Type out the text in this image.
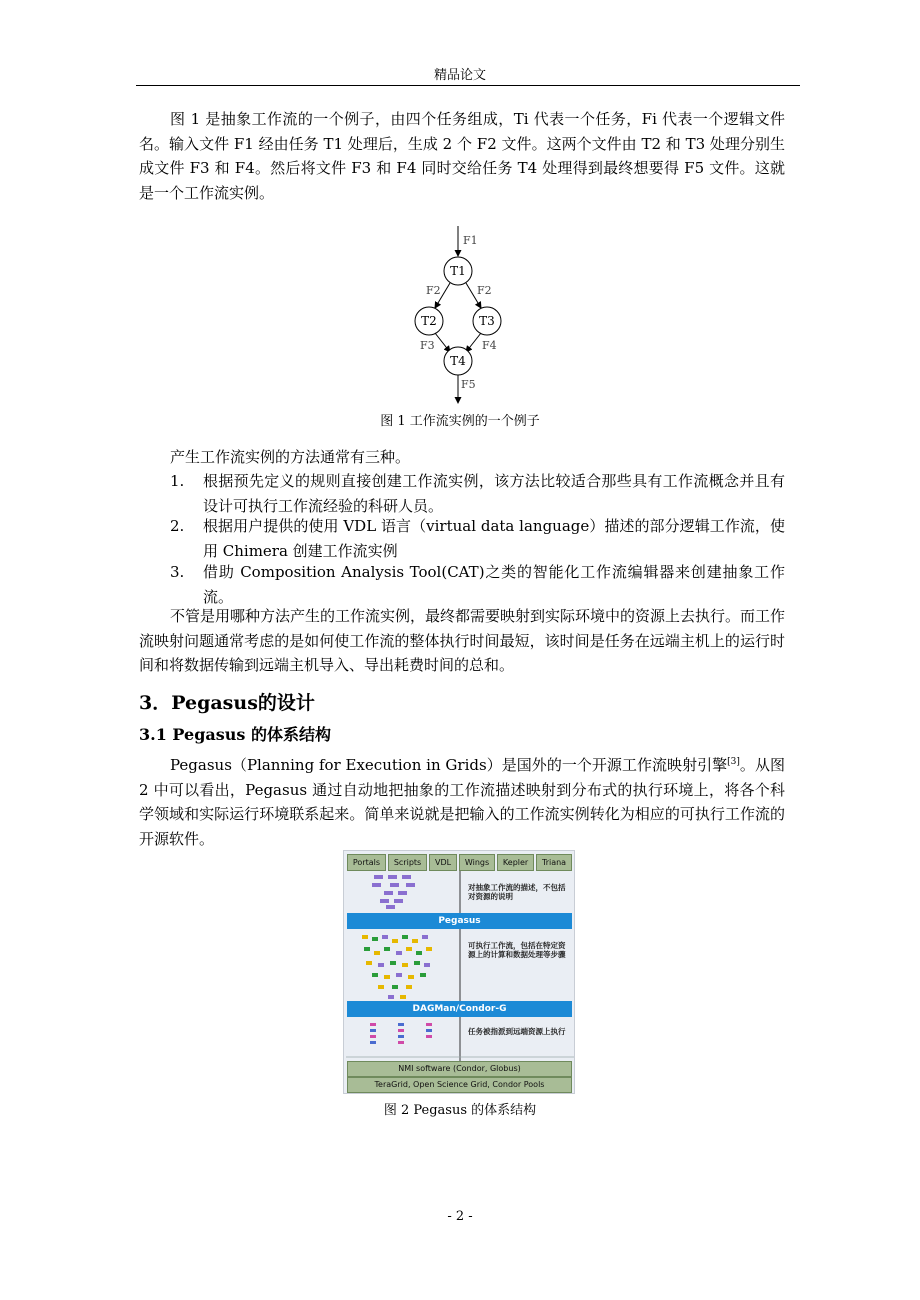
精品论文

图 1 是抽象工作流的一个例子，由四个任务组成，Ti 代表一个任务，Fi 代表一个逻辑文件名。输入文件 F1 经由任务 T1 处理后，生成 2 个 F2 文件。这两个文件由 T2 和 T3 处理分别生成文件 F3 和 F4。然后将文件 F3 和 F4 同时交给任务 T4 处理得到最终想要得 F5 文件。这就是一个工作流实例。

T1
T2	T3
T4
F1
F2	F2
F3	F4
F5
图 1 工作流实例的一个例子

产生工作流实例的方法通常有三种。

1. 根据预先定义的规则直接创建工作流实例，该方法比较适合那些具有工作流概念并且有设计可执行工作流经验的科研人员。
2. 根据用户提供的使用 VDL 语言（virtual data language）描述的部分逻辑工作流，使用 Chimera 创建工作流实例
3. 借助 Composition Analysis Tool(CAT)之类的智能化工作流编辑器来创建抽象工作流。

不管是用哪种方法产生的工作流实例，最终都需要映射到实际环境中的资源上去执行。而工作流映射问题通常考虑的是如何使工作流的整体执行时间最短，该时间是任务在远端主机上的运行时间和将数据传输到远端主机导入、导出耗费时间的总和。

3．Pegasus的设计
3.1 Pegasus 的体系结构

Pegasus（Planning for Execution in Grids）是国外的一个开源工作流映射引擎[3]。从图 2 中可以看出，Pegasus 通过自动地把抽象的工作流描述映射到分布式的执行环境上，将各个科学领域和实际运行环境联系起来。简单来说就是把输入的工作流实例转化为相应的可执行工作流的开源软件。

Portals	Scripts	VDL	Wings	Kepler	Triana
对抽象工作流的描述，不包括对资源的说明
Pegasus
可执行工作流，包括在特定资源上的计算和数据处理等步骤
DAGMan/Condor-G
任务被指派到远端资源上执行
NMI software (Condor, Globus)
TeraGrid, Open Science Grid, Condor Pools
图 2 Pegasus 的体系结构
- 2 -
